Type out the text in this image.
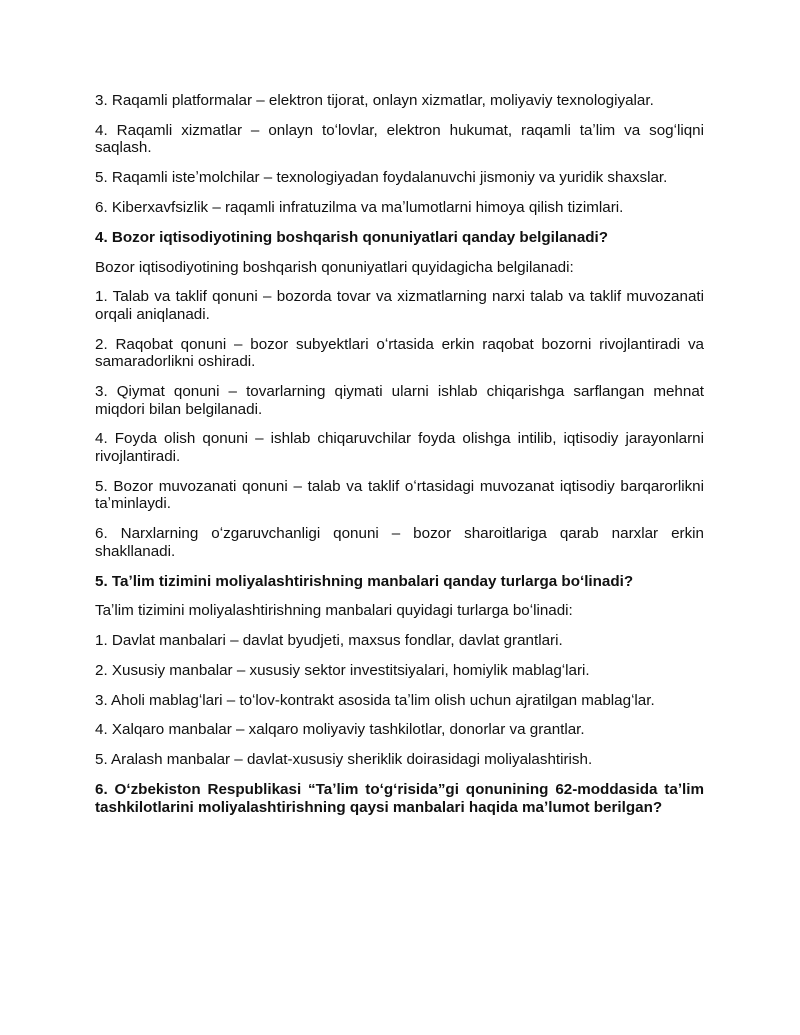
3. Raqamli platformalar – elektron tijorat, onlayn xizmatlar, moliyaviy texnologiyalar.

4. Raqamli xizmatlar – onlayn toʻlovlar, elektron hukumat, raqamli taʼlim va sogʻliqni saqlash.

5. Raqamli isteʼmolchilar – texnologiyadan foydalanuvchi jismoniy va yuridik shaxslar.

6. Kiberxavfsizlik – raqamli infratuzilma va maʼlumotlarni himoya qilish tizimlari.

4. Bozor iqtisodiyotining boshqarish qonuniyatlari qanday belgilanadi?

Bozor iqtisodiyotining boshqarish qonuniyatlari quyidagicha belgilanadi:

1. Talab va taklif qonuni – bozorda tovar va xizmatlarning narxi talab va taklif muvozanati orqali aniqlanadi.

2. Raqobat qonuni – bozor subyektlari oʻrtasida erkin raqobat bozorni rivojlantiradi va samaradorlikni oshiradi.

3. Qiymat qonuni – tovarlarning qiymati ularni ishlab chiqarishga sarflangan mehnat miqdori bilan belgilanadi.

4. Foyda olish qonuni – ishlab chiqaruvchilar foyda olishga intilib, iqtisodiy jarayonlarni rivojlantiradi.

5. Bozor muvozanati qonuni – talab va taklif oʻrtasidagi muvozanat iqtisodiy barqarorlikni taʼminlaydi.

6. Narxlarning oʻzgaruvchanligi qonuni – bozor sharoitlariga qarab narxlar erkin shakllanadi.

5. Taʼlim tizimini moliyalashtirishning manbalari qanday turlarga boʻlinadi?

Taʼlim tizimini moliyalashtirishning manbalari quyidagi turlarga boʻlinadi:

1. Davlat manbalari – davlat byudjeti, maxsus fondlar, davlat grantlari.

2. Xususiy manbalar – xususiy sektor investitsiyalari, homiylik mablagʻlari.

3. Aholi mablagʻlari – toʻlov-kontrakt asosida taʼlim olish uchun ajratilgan mablagʻlar.

4. Xalqaro manbalar – xalqaro moliyaviy tashkilotlar, donorlar va grantlar.

5. Aralash manbalar – davlat-xususiy sheriklik doirasidagi moliyalashtirish.

6. Oʻzbekiston Respublikasi “Taʼlim toʻgʻrisida”gi qonunining 62-moddasida taʼlim tashkilotlarini moliyalashtirishning qaysi manbalari haqida maʼlumot berilgan?
